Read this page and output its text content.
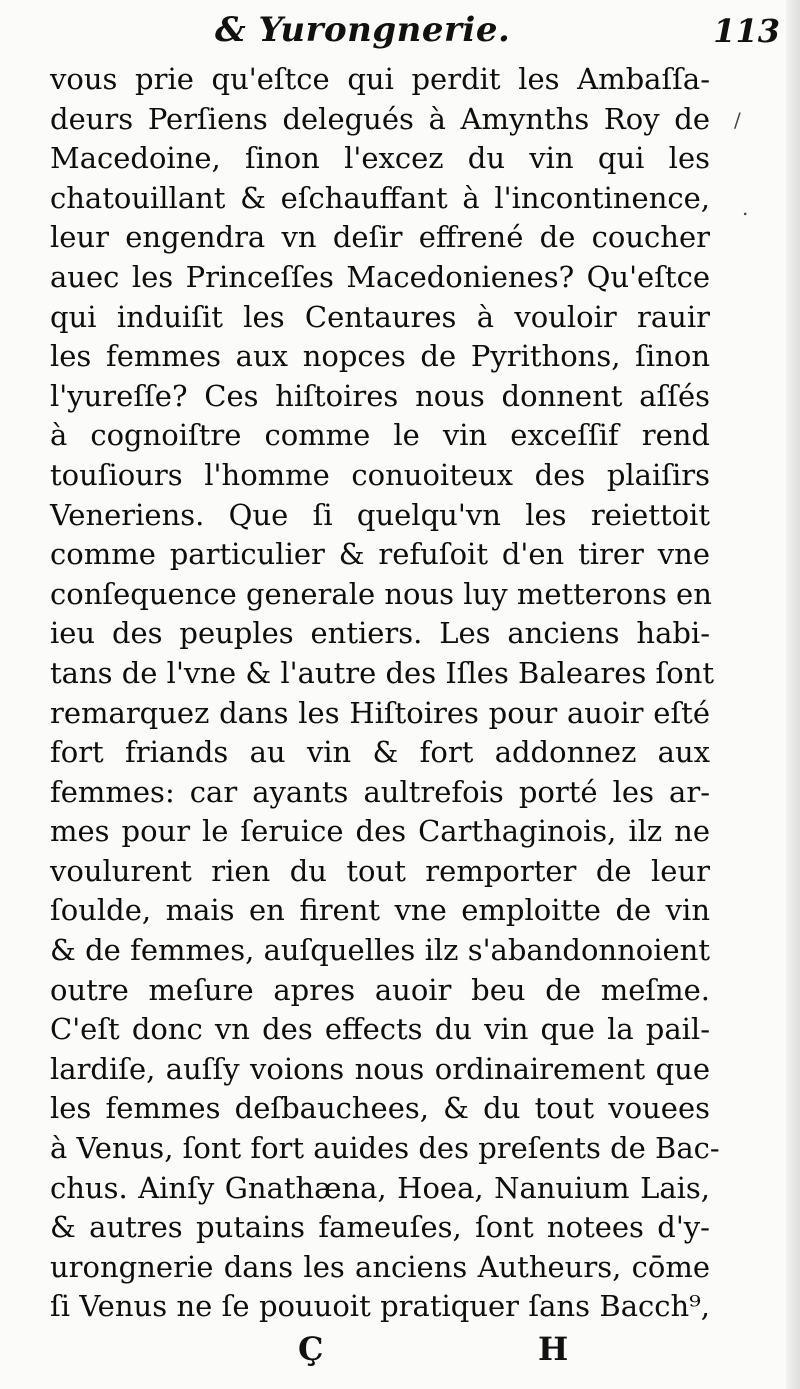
& Yurongnerie.	113
vous prie qu'eſtce qui perdit les Ambaſſa-
deurs Perſiens delegués à Amynths Roy de
Macedoine, ſinon l'excez du vin qui les
chatouillant & eſchauffant à l'incontinence,
leur engendra vn deſir effrené de coucher
auec les Princeſſes Macedonienes? Qu'eſtce
qui induiſit les Centaures à vouloir rauir
les femmes aux nopces de Pyrithons, ſinon
l'yureſſe? Ces hiſtoires nous donnent aſſés
à cognoiſtre comme le vin exceſſif rend
touſiours l'homme conuoiteux des plaiſirs
Veneriens. Que ſi quelqu'vn les reiettoit
comme particulier & refuſoit d'en tirer vne
conſequence generale nous luy metterons en
ieu des peuples entiers. Les anciens habi-
tans de l'vne & l'autre des Iſles Baleares ſont
remarquez dans les Hiſtoires pour auoir eſté
fort friands au vin & fort addonnez aux
femmes: car ayants aultrefois porté les ar-
mes pour le ſeruice des Carthaginois, ilz ne
voulurent rien du tout remporter de leur
ſoulde, mais en firent vne emploitte de vin
& de femmes, auſquelles ilz s'abandonnoient
outre meſure apres auoir beu de meſme.
C'eſt donc vn des effects du vin que la pail-
lardiſe, auſſy voions nous ordinairement que
les femmes deſbauchees, & du tout vouees
à Venus, ſont fort auides des preſents de Bac-
chus. Ainſy Gnathæna, Hoea, Nanuium Lais,
& autres putains fameuſes, ſont notees d'y-
urongnerie dans les anciens Autheurs, cōme
ſi Venus ne ſe pouuoit pratiquer ſans Bacch⁹,
Ç	H
/
.
